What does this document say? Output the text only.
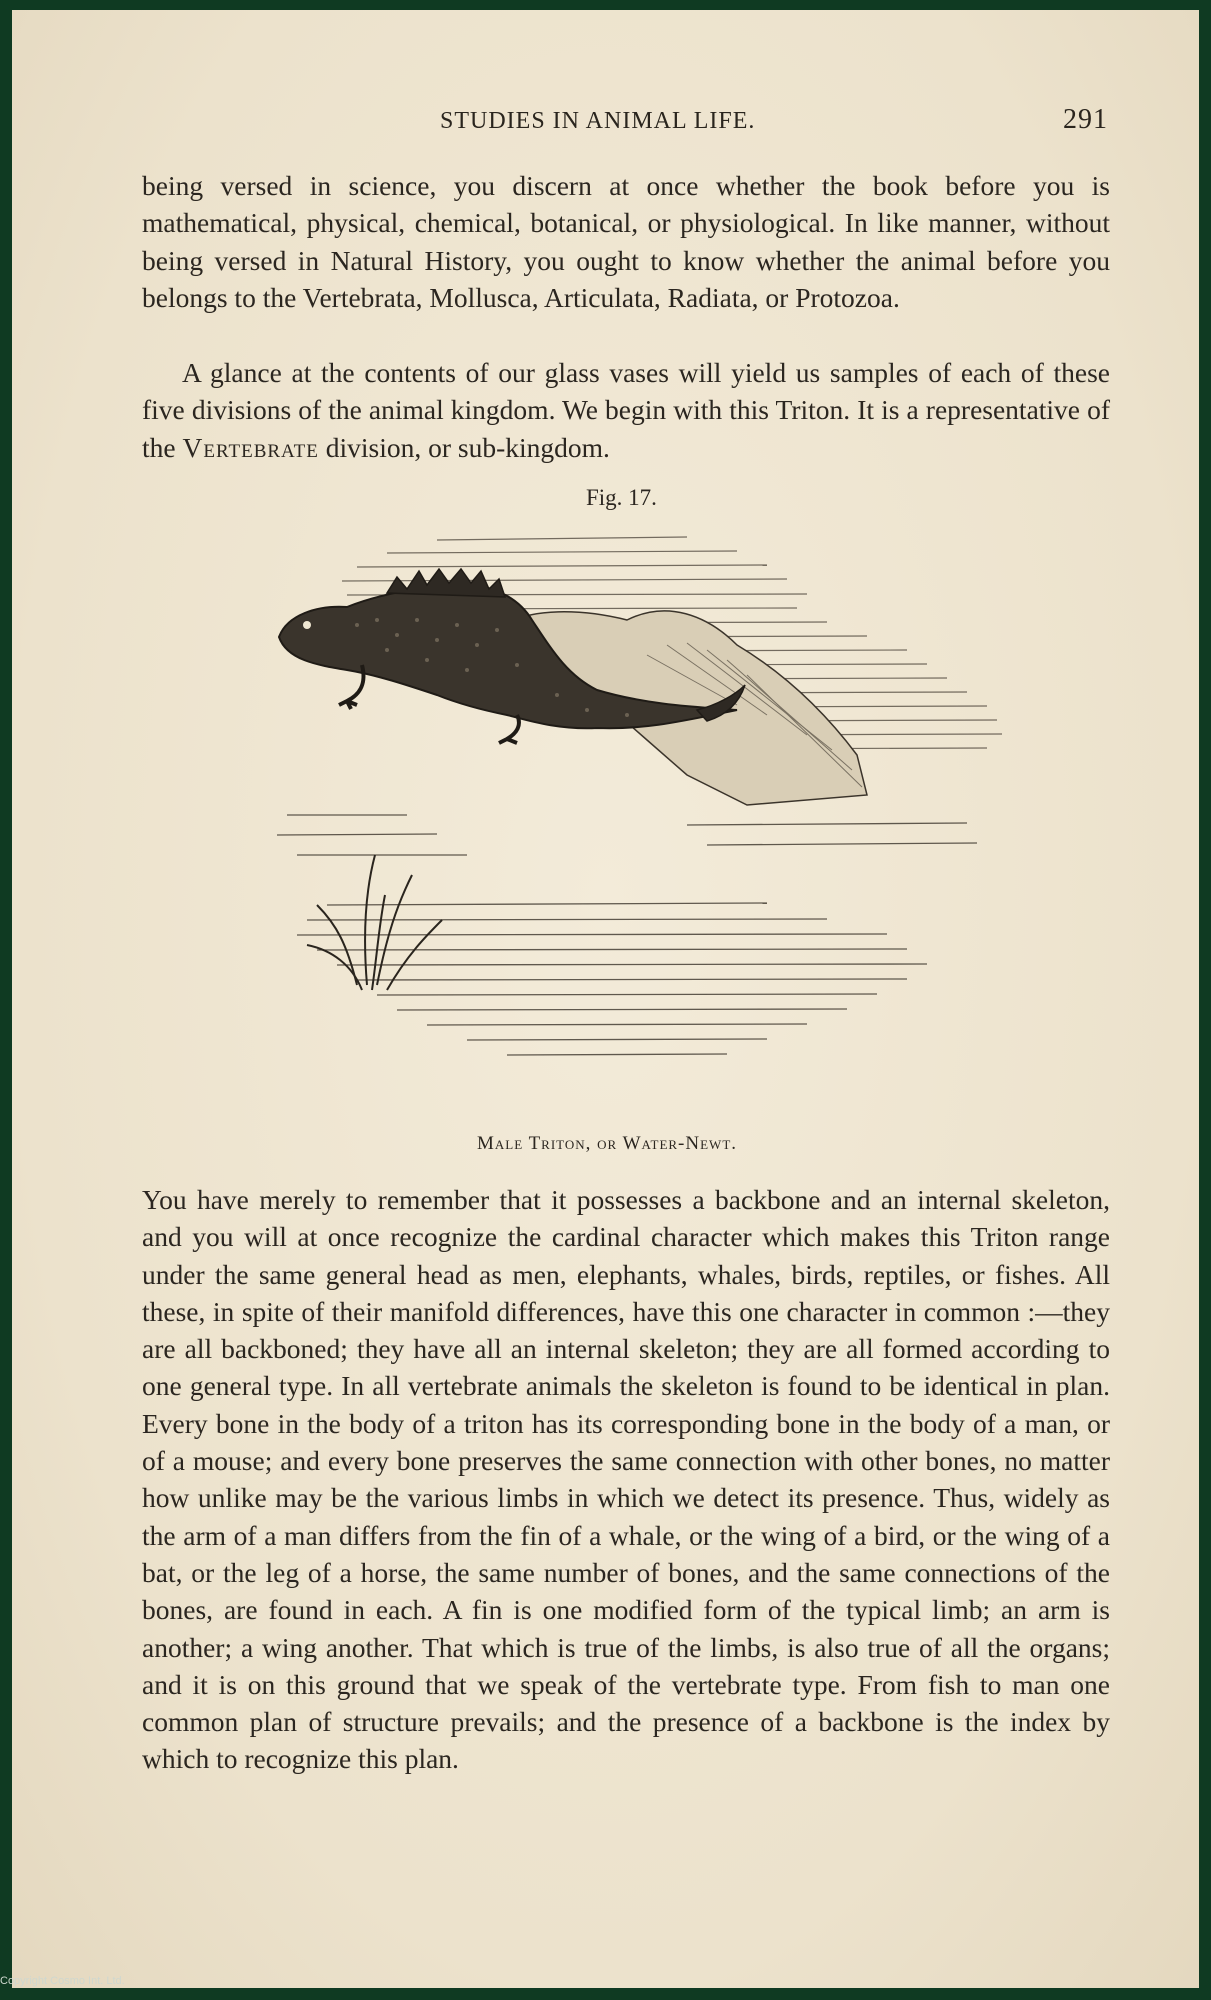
STUDIES IN ANIMAL LIFE.	291

being versed in science, you discern at once whether the book before you is mathematical, physical, chemical, botanical, or physiological. In like manner, without being versed in Natural History, you ought to know whether the animal before you belongs to the Vertebrata, Mollusca, Articulata, Radiata, or Protozoa.

A glance at the contents of our glass vases will yield us samples of each of these five divisions of the animal kingdom. We begin with this Triton. It is a representative of the Vertebrate division, or sub-kingdom.

Fig. 17.
Male Triton, or Water-Newt.

You have merely to remember that it possesses a backbone and an internal skeleton, and you will at once recognize the cardinal character which makes this Triton range under the same general head as men, elephants, whales, birds, reptiles, or fishes. All these, in spite of their manifold differences, have this one character in common :—they are all backboned; they have all an internal skeleton; they are all formed according to one general type. In all vertebrate animals the skeleton is found to be identical in plan. Every bone in the body of a triton has its corresponding bone in the body of a man, or of a mouse; and every bone preserves the same connection with other bones, no matter how unlike may be the various limbs in which we detect its presence. Thus, widely as the arm of a man differs from the fin of a whale, or the wing of a bird, or the wing of a bat, or the leg of a horse, the same number of bones, and the same connections of the bones, are found in each. A fin is one modified form of the typical limb; an arm is another; a wing another. That which is true of the limbs, is also true of all the organs; and it is on this ground that we speak of the vertebrate type. From fish to man one common plan of structure prevails; and the presence of a backbone is the index by which to recognize this plan.

Copyright Cosmo Int. Ltd.
